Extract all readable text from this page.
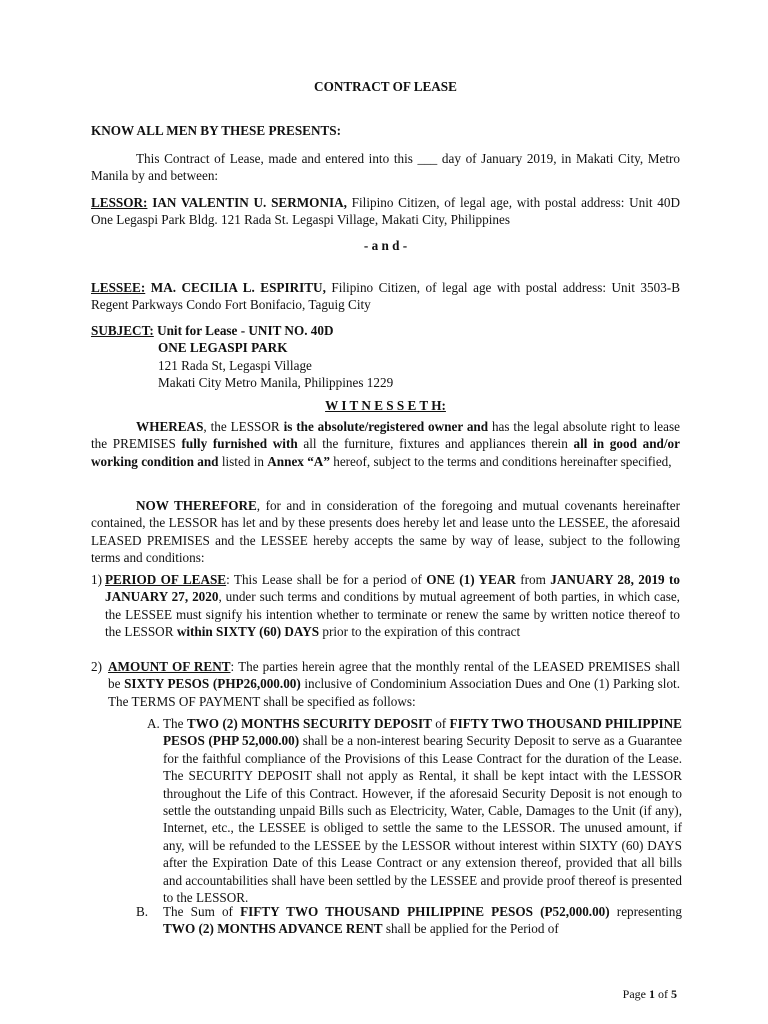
CONTRACT OF LEASE
KNOW ALL MEN BY THESE PRESENTS:
This Contract of Lease, made and entered into this ___ day of January 2019, in Makati City, Metro Manila by and between:
LESSOR: IAN VALENTIN U. SERMONIA, Filipino Citizen, of legal age, with postal address: Unit 40D One Legaspi Park Bldg. 121 Rada St. Legaspi Village, Makati City, Philippines
- a n d -
LESSEE: MA. CECILIA L. ESPIRITU, Filipino Citizen, of legal age with postal address: Unit 3503-B Regent Parkways Condo Fort Bonifacio, Taguig City
SUBJECT: Unit for Lease - UNIT NO. 40D
ONE LEGASPI PARK
121 Rada St, Legaspi Village
Makati City Metro Manila, Philippines 1229
W I T N E S S E T H:
WHEREAS, the LESSOR is the absolute/registered owner and has the legal absolute right to lease the PREMISES fully furnished with all the furniture, fixtures and appliances therein all in good and/or working condition and listed in Annex “A” hereof, subject to the terms and conditions hereinafter specified,
NOW THEREFORE, for and in consideration of the foregoing and mutual covenants hereinafter contained, the LESSOR has let and by these presents does hereby let and lease unto the LESSEE, the aforesaid LEASED PREMISES and the LESSEE hereby accepts the same by way of lease, subject to the following terms and conditions:
1) PERIOD OF LEASE: This Lease shall be for a period of ONE (1) YEAR from JANUARY 28, 2019 to JANUARY 27, 2020, under such terms and conditions by mutual agreement of both parties, in which case, the LESSEE must signify his intention whether to terminate or renew the same by written notice thereof to the LESSOR within SIXTY (60) DAYS prior to the expiration of this contract
2) AMOUNT OF RENT: The parties herein agree that the monthly rental of the LEASED PREMISES shall be SIXTY PESOS (PHP26,000.00) inclusive of Condominium Association Dues and One (1) Parking slot. The TERMS OF PAYMENT shall be specified as follows:
A. The TWO (2) MONTHS SECURITY DEPOSIT of FIFTY TWO THOUSAND PHILIPPINE PESOS (PHP 52,000.00) shall be a non-interest bearing Security Deposit to serve as a Guarantee for the faithful compliance of the Provisions of this Lease Contract for the duration of the Lease. The SECURITY DEPOSIT shall not apply as Rental, it shall be kept intact with the LESSOR throughout the Life of this Contract. However, if the aforesaid Security Deposit is not enough to settle the outstanding unpaid Bills such as Electricity, Water, Cable, Damages to the Unit (if any), Internet, etc., the LESSEE is obliged to settle the same to the LESSOR. The unused amount, if any, will be refunded to the LESSEE by the LESSOR without interest within SIXTY (60) DAYS after the Expiration Date of this Lease Contract or any extension thereof, provided that all bills and accountabilities shall have been settled by the LESSEE and provide proof thereof is presented to the LESSOR.
B.	The Sum of FIFTY TWO THOUSAND PHILIPPINE PESOS (P52,000.00) representing TWO (2) MONTHS ADVANCE RENT shall be applied for the Period of
Page 1 of 5
